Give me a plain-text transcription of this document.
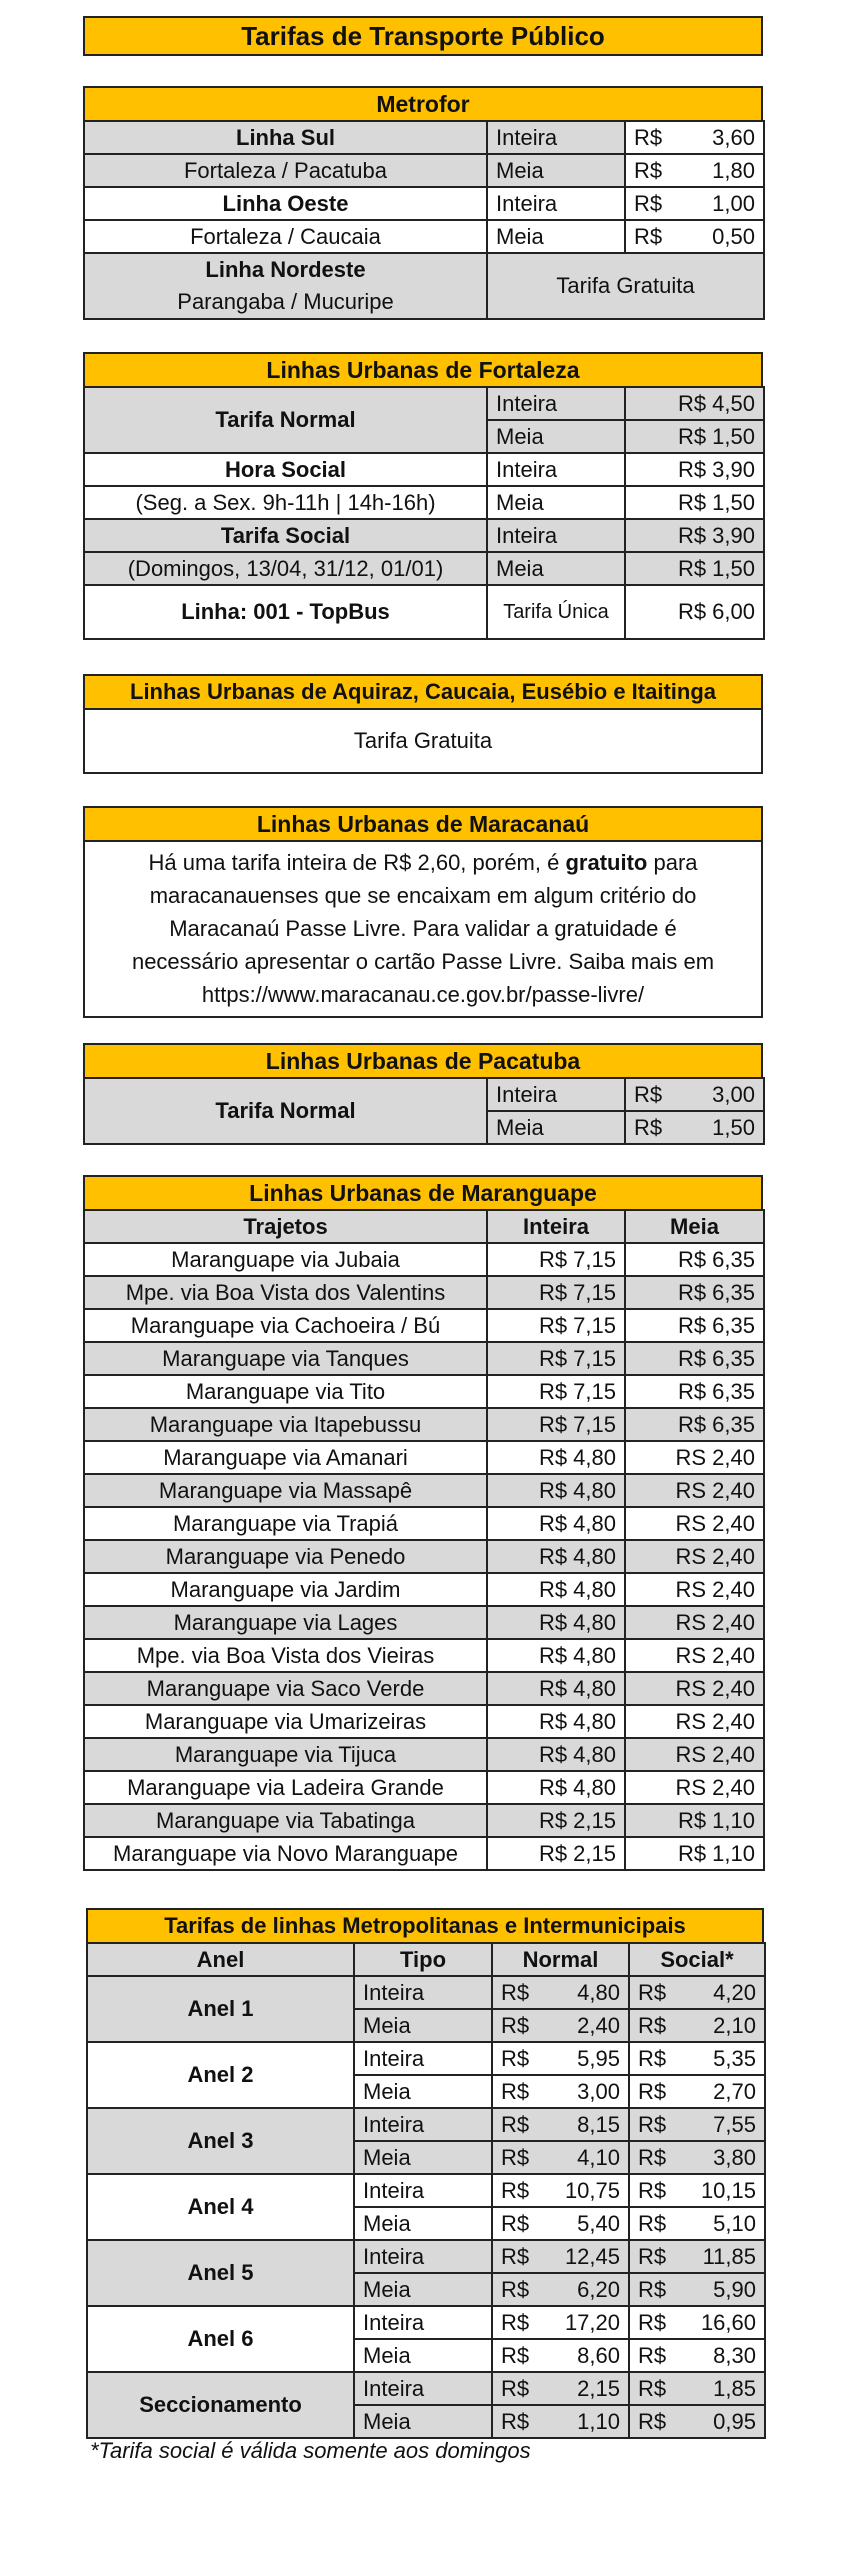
Tarifas de Transporte Público
Metrofor
Linha Sul	Inteira	R$ 3,60

Fortaleza / Pacatuba	Meia	R$ 1,80

Linha Oeste	Inteira	R$ 1,00

Fortaleza / Caucaia	Meia	R$ 0,50

Linha Nordeste
Parangaba / Mucuripe	Tarifa Gratuita	
Linhas Urbanas de Fortaleza
Tarifa Normal	Inteira	R$ 4,50
	Meia	R$ 1,50
Hora Social	Inteira	R$ 3,90
(Seg. a Sex. 9h-11h | 14h-16h)	Meia	R$ 1,50
Tarifa Social	Inteira	R$ 3,90
(Domingos, 13/04, 31/12, 01/01)	Meia	R$ 1,50
Linha: 001 - TopBus	Tarifa Única	R$ 6,00
Linhas Urbanas de Aquiraz, Caucaia, Eusébio e Itaitinga
Tarifa Gratuita
Linhas Urbanas de Maracanaú
Há uma tarifa inteira de R$ 2,60, porém, é gratuito para maracanauenses que se encaixam em algum critério do Maracanaú Passe Livre. Para validar a gratuidade é necessário apresentar o cartão Passe Livre. Saiba mais em https://www.maracanau.ce.gov.br/passe-livre/
Linhas Urbanas de Pacatuba
Tarifa Normal	Inteira	R$ 3,00

	Meia	R$ 1,50
Linhas Urbanas de Maranguape
Trajetos	Inteira	Meia
Maranguape via Jubaia	R$ 7,15	R$ 6,35
Mpe. via Boa Vista dos Valentins	R$ 7,15	R$ 6,35
Maranguape via Cachoeira / Bú	R$ 7,15	R$ 6,35
Maranguape via Tanques	R$ 7,15	R$ 6,35
Maranguape via Tito	R$ 7,15	R$ 6,35
Maranguape via Itapebussu	R$ 7,15	R$ 6,35
Maranguape via Amanari	R$ 4,80	RS 2,40
Maranguape via Massapê	R$ 4,80	RS 2,40
Maranguape via Trapiá	R$ 4,80	RS 2,40
Maranguape via Penedo	R$ 4,80	RS 2,40
Maranguape via Jardim	R$ 4,80	RS 2,40
Maranguape via Lages	R$ 4,80	RS 2,40
Mpe. via Boa Vista dos Vieiras	R$ 4,80	RS 2,40
Maranguape via Saco Verde	R$ 4,80	RS 2,40
Maranguape via Umarizeiras	R$ 4,80	RS 2,40
Maranguape via Tijuca	R$ 4,80	RS 2,40
Maranguape via Ladeira Grande	R$ 4,80	RS 2,40
Maranguape via Tabatinga	R$ 2,15	R$ 1,10
Maranguape via Novo Maranguape	R$ 2,15	R$ 1,10
Tarifas de linhas Metropolitanas e Intermunicipais
Anel	Tipo	Normal	Social*
Anel 1	Inteira	R$ 4,80	R$ 4,20

	Meia	R$ 2,40	R$ 2,10

Anel 2	Inteira	R$ 5,95	R$ 5,35

	Meia	R$ 3,00	R$ 2,70

Anel 3	Inteira	R$ 8,15	R$ 7,55

	Meia	R$ 4,10	R$ 3,80

Anel 4	Inteira	R$ 10,75	R$ 10,15

	Meia	R$ 5,40	R$ 5,10

Anel 5	Inteira	R$ 12,45	R$ 11,85

	Meia	R$ 6,20	R$ 5,90

Anel 6	Inteira	R$ 17,20	R$ 16,60

	Meia	R$ 8,60	R$ 8,30

Seccionamento	Inteira	R$ 2,15	R$ 1,85

	Meia	R$ 1,10	R$ 0,95
*Tarifa social é válida somente aos domingos
